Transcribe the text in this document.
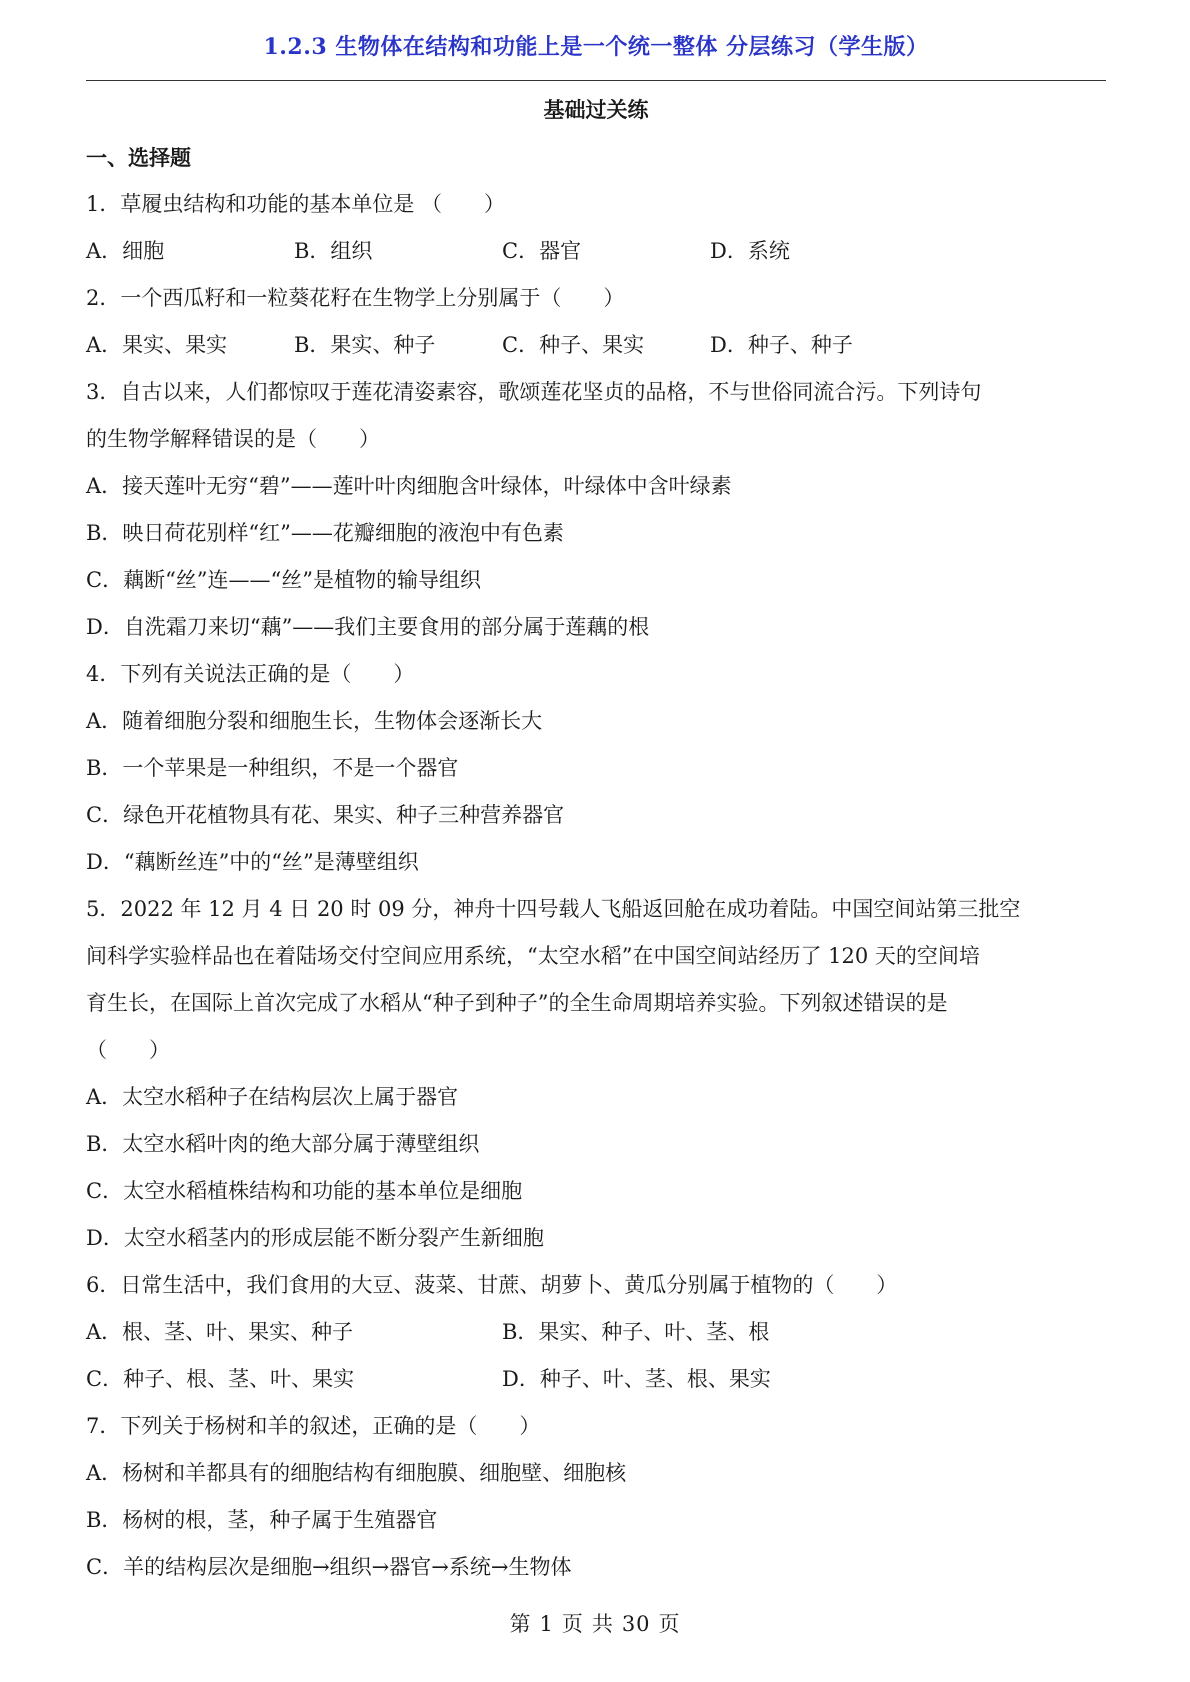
1.2.3 生物体在结构和功能上是一个统一整体 分层练习（学生版）
基础过关练
一、选择题
1．草履虫结构和功能的基本单位是 （　　）
A．细胞	B．组织	C．器官	D．系统
2．一个西瓜籽和一粒葵花籽在生物学上分别属于（　　）
A．果实、果实	B．果实、种子	C．种子、果实	D．种子、种子
3．自古以来，人们都惊叹于莲花清姿素容，歌颂莲花坚贞的品格，不与世俗同流合污。下列诗句
的生物学解释错误的是（　　）
A．接天莲叶无穷“碧”——莲叶叶肉细胞含叶绿体，叶绿体中含叶绿素
B．映日荷花别样“红”——花瓣细胞的液泡中有色素
C．藕断“丝”连——“丝”是植物的输导组织
D．自洗霜刀来切“藕”——我们主要食用的部分属于莲藕的根
4．下列有关说法正确的是（　　）
A．随着细胞分裂和细胞生长，生物体会逐渐长大
B．一个苹果是一种组织，不是一个器官
C．绿色开花植物具有花、果实、种子三种营养器官
D．“藕断丝连”中的“丝”是薄壁组织
5．2022 年 12 月 4 日 20 时 09 分，神舟十四号载人飞船返回舱在成功着陆。中国空间站第三批空
间科学实验样品也在着陆场交付空间应用系统，“太空水稻”在中国空间站经历了 120 天的空间培
育生长，在国际上首次完成了水稻从“种子到种子”的全生命周期培养实验。下列叙述错误的是
（　　）
A．太空水稻种子在结构层次上属于器官
B．太空水稻叶肉的绝大部分属于薄壁组织
C．太空水稻植株结构和功能的基本单位是细胞
D．太空水稻茎内的形成层能不断分裂产生新细胞
6．日常生活中，我们食用的大豆、菠菜、甘蔗、胡萝卜、黄瓜分别属于植物的（　　）
A．根、茎、叶、果实、种子	B．果实、种子、叶、茎、根
C．种子、根、茎、叶、果实	D．种子、叶、茎、根、果实
7．下列关于杨树和羊的叙述，正确的是（　　）
A．杨树和羊都具有的细胞结构有细胞膜、细胞壁、细胞核
B．杨树的根，茎，种子属于生殖器官
C．羊的结构层次是细胞→组织→器官→系统→生物体
第 1 页 共 30 页
